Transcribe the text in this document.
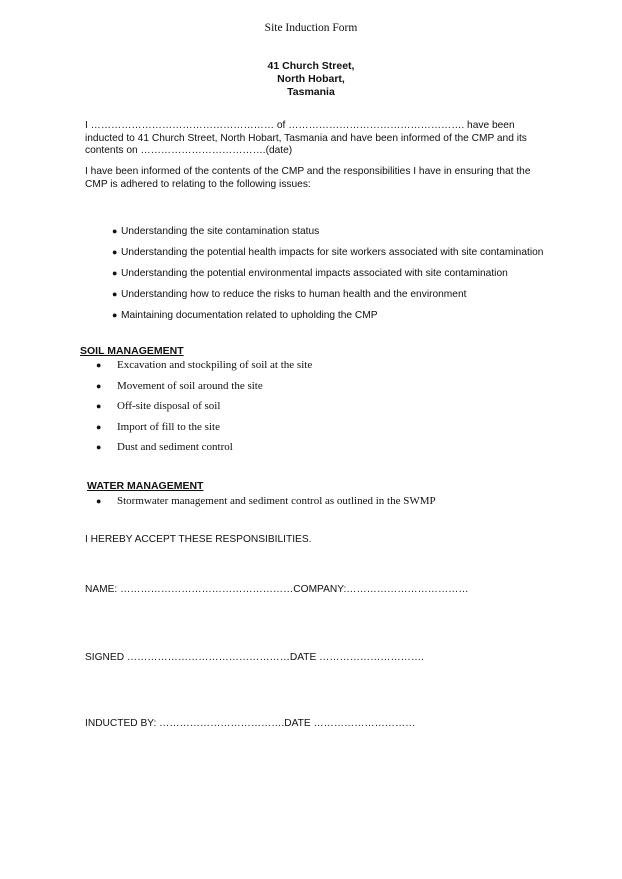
Site Induction Form
41 Church Street,
North Hobart,
Tasmania
I ……………………………………………… of ……………………………………………. have been inducted to 41 Church Street, North Hobart, Tasmania and have been informed of the CMP and its contents on ……………………………….(date)
I have been informed of the contents of the CMP and the responsibilities I have in ensuring that the CMP is adhered to relating to the following issues:
● Understanding the site contamination status
● Understanding the potential health impacts for site workers associated with site contamination
● Understanding the potential environmental impacts associated with site contamination
● Understanding how to reduce the risks to human health and the environment
● Maintaining documentation related to upholding the CMP
SOIL MANAGEMENT
● Excavation and stockpiling of soil at the site
● Movement of soil around the site
● Off-site disposal of soil
● Import of fill to the site
● Dust and sediment control
WATER MANAGEMENT
● Stormwater management and sediment control as outlined in the SWMP
I HEREBY ACCEPT THESE RESPONSIBILITIES.
NAME: ……………………………………………COMPANY:………………………………
SIGNED …………………………………………DATE ………………………….
INDUCTED BY: ……………………………….DATE …………………………
